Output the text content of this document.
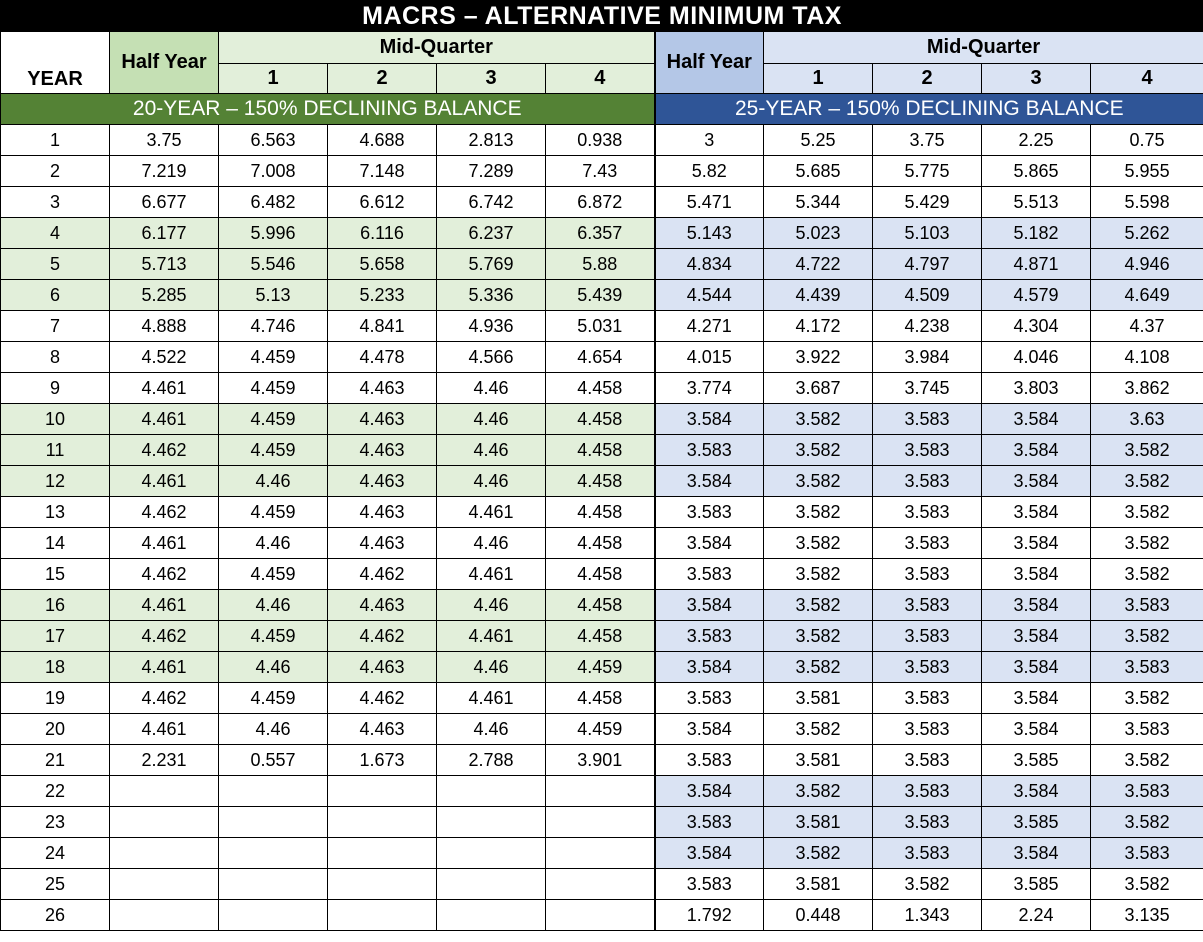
MACRS – ALTERNATIVE MINIMUM TAX										
YEAR	Half Year	Mid-Quarter				Half Year	Mid-Quarter			
		1	2	3	4		1	2	3	4
20-YEAR – 150% DECLINING BALANCE						25-YEAR – 150% DECLINING BALANCE				
1	3.75	6.563	4.688	2.813	0.938	3	5.25	3.75	2.25	0.75
2	7.219	7.008	7.148	7.289	7.43	5.82	5.685	5.775	5.865	5.955
3	6.677	6.482	6.612	6.742	6.872	5.471	5.344	5.429	5.513	5.598
4	6.177	5.996	6.116	6.237	6.357	5.143	5.023	5.103	5.182	5.262
5	5.713	5.546	5.658	5.769	5.88	4.834	4.722	4.797	4.871	4.946
6	5.285	5.13	5.233	5.336	5.439	4.544	4.439	4.509	4.579	4.649
7	4.888	4.746	4.841	4.936	5.031	4.271	4.172	4.238	4.304	4.37
8	4.522	4.459	4.478	4.566	4.654	4.015	3.922	3.984	4.046	4.108
9	4.461	4.459	4.463	4.46	4.458	3.774	3.687	3.745	3.803	3.862
10	4.461	4.459	4.463	4.46	4.458	3.584	3.582	3.583	3.584	3.63
11	4.462	4.459	4.463	4.46	4.458	3.583	3.582	3.583	3.584	3.582
12	4.461	4.46	4.463	4.46	4.458	3.584	3.582	3.583	3.584	3.582
13	4.462	4.459	4.463	4.461	4.458	3.583	3.582	3.583	3.584	3.582
14	4.461	4.46	4.463	4.46	4.458	3.584	3.582	3.583	3.584	3.582
15	4.462	4.459	4.462	4.461	4.458	3.583	3.582	3.583	3.584	3.582
16	4.461	4.46	4.463	4.46	4.458	3.584	3.582	3.583	3.584	3.583
17	4.462	4.459	4.462	4.461	4.458	3.583	3.582	3.583	3.584	3.582
18	4.461	4.46	4.463	4.46	4.459	3.584	3.582	3.583	3.584	3.583
19	4.462	4.459	4.462	4.461	4.458	3.583	3.581	3.583	3.584	3.582
20	4.461	4.46	4.463	4.46	4.459	3.584	3.582	3.583	3.584	3.583
21	2.231	0.557	1.673	2.788	3.901	3.583	3.581	3.583	3.585	3.582
22						3.584	3.582	3.583	3.584	3.583
23						3.583	3.581	3.583	3.585	3.582
24						3.584	3.582	3.583	3.584	3.583
25						3.583	3.581	3.582	3.585	3.582
26						1.792	0.448	1.343	2.24	3.135
